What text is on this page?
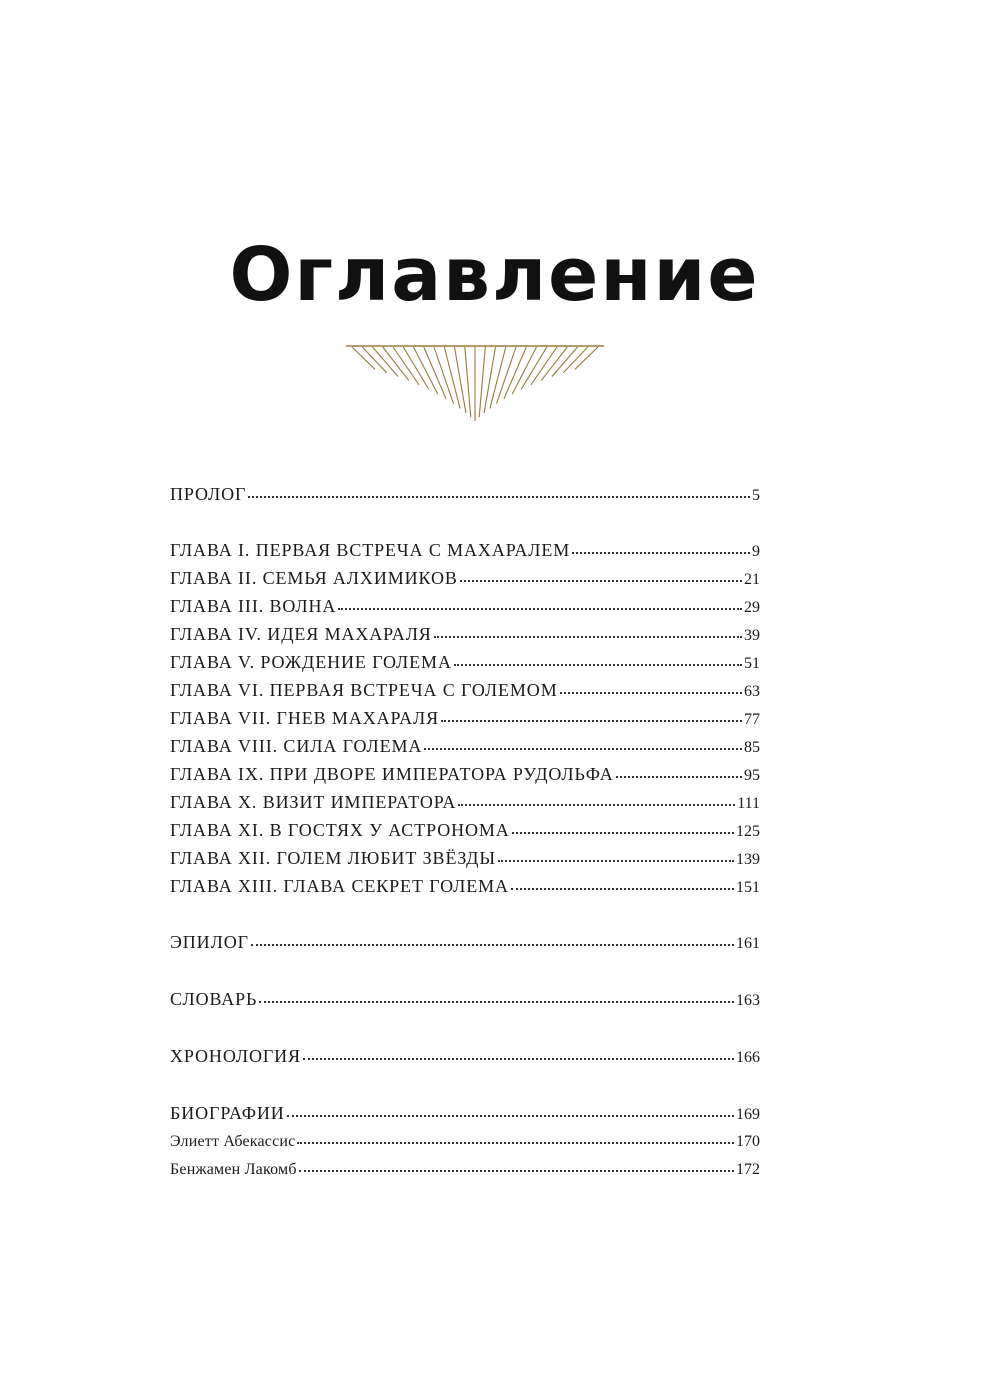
Оглавление
ПРОЛОГ	5
ГЛАВА I. ПЕРВАЯ ВСТРЕЧА С МАХАРАЛЕМ	9
ГЛАВА II. СЕМЬЯ АЛХИМИКОВ	21
ГЛАВА III. ВОЛНА	29
ГЛАВА IV. ИДЕЯ МАХАРАЛЯ	39
ГЛАВА V. РОЖДЕНИЕ ГОЛЕМА	51
ГЛАВА VI. ПЕРВАЯ ВСТРЕЧА С ГОЛЕМОМ	63
ГЛАВА VII. ГНЕВ МАХАРАЛЯ	77
ГЛАВА VIII. СИЛА ГОЛЕМА	85
ГЛАВА IX. ПРИ ДВОРЕ ИМПЕРАТОРА РУДОЛЬФА	95
ГЛАВА X. ВИЗИТ ИМПЕРАТОРА	111
ГЛАВА XI. В ГОСТЯХ У АСТРОНОМА	125
ГЛАВА XII. ГОЛЕМ ЛЮБИТ ЗВЁЗДЫ	139
ГЛАВА XIII. ГЛАВА СЕКРЕТ ГОЛЕМА	151
ЭПИЛОГ	161
СЛОВАРЬ	163
ХРОНОЛОГИЯ	166
БИОГРАФИИ	169
Элиетт Абекассис	170
Бенжамен Лакомб	172
